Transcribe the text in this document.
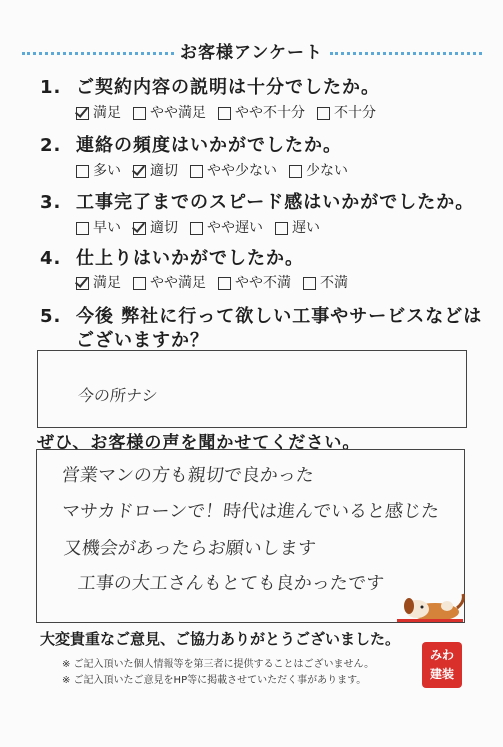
お客様アンケート
1. ご契約内容の説明は十分でしたか。
満足 やや満足 やや不十分 不十分
2. 連絡の頻度はいかがでしたか。
多い 適切 やや少ない 少ない
3. 工事完了までのスピード感はいかがでしたか。
早い 適切 やや遅い 遅い
4. 仕上りはいかがでしたか。
満足 やや満足 やや不満 不満
5. 今後 弊社に行って欲しい工事やサービスなどは
ございますか？
今の所ナシ
ぜひ、お客様の声を聞かせてください。
営業マンの方も親切で良かった
マサカドローンで！時代は進んでいると感じた
又機会があったらお願いします
工事の大工さんもとても良かったです
大変貴重なご意見、ご協力ありがとうございました。
※ ご記入頂いた個人情報等を第三者に提供することはございません。
※ ご記入頂いたご意見をHP等に掲載させていただく事があります。
みわ
建装
